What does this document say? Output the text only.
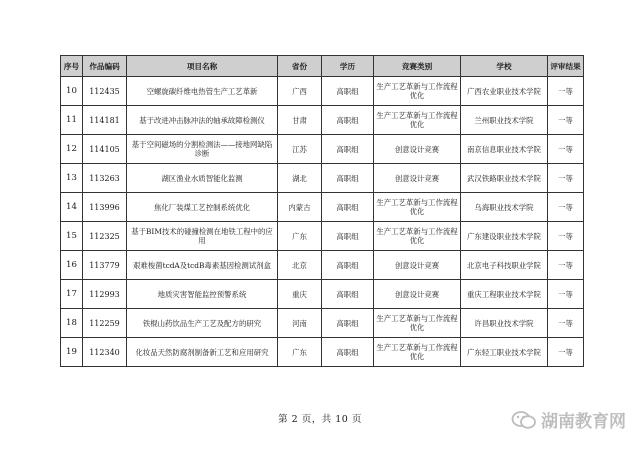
序号	作品编码	项目名称	省份	学历	竞赛类别	学校	评审结果
10	112435	空螺旋碳纤维电热管生产工艺革新	广西	高职组	生产工艺革新与工作流程优化	广西农业职业技术学院	一等
11	114181	基于改进冲击脉冲法的轴承故障检测仪	甘肃	高职组	生产工艺革新与工作流程优化	兰州职业技术学院	一等
12	114105	基于空间磁场的分割检测法——接地网缺陷诊断	江苏	高职组	创意设计竞赛	南京信息职业技术学院	一等
13	113263	湖区渔业水质智能化监测	湖北	高职组	创意设计竞赛	武汉铁路职业技术学院	一等
14	113996	焦化厂装煤工艺控制系统优化	内蒙古	高职组	生产工艺革新与工作流程优化	乌海职业技术学院	一等
15	112325	基于BIM技术的碰撞检测在地铁工程中的应用	广东	高职组	生产工艺革新与工作流程优化	广东建设职业技术学院	一等
16	113779	艰难梭菌tcdA及tcdB毒素基因检测试剂盒	北京	高职组	创意设计竞赛	北京电子科技职业学院	一等
17	112993	地质灾害智能监控预警系统	重庆	高职组	创意设计竞赛	重庆工程职业技术学院	一等
18	112259	铁棍山药饮品生产工艺及配方的研究	河南	高职组	生产工艺革新与工作流程优化	许昌职业技术学院	一等
19	112340	化妆品天然防腐剂制备新工艺和应用研究	广东	高职组	生产工艺革新与工作流程优化	广东轻工职业技术学院	一等
第 2 页，共 10 页	湖南教育网
